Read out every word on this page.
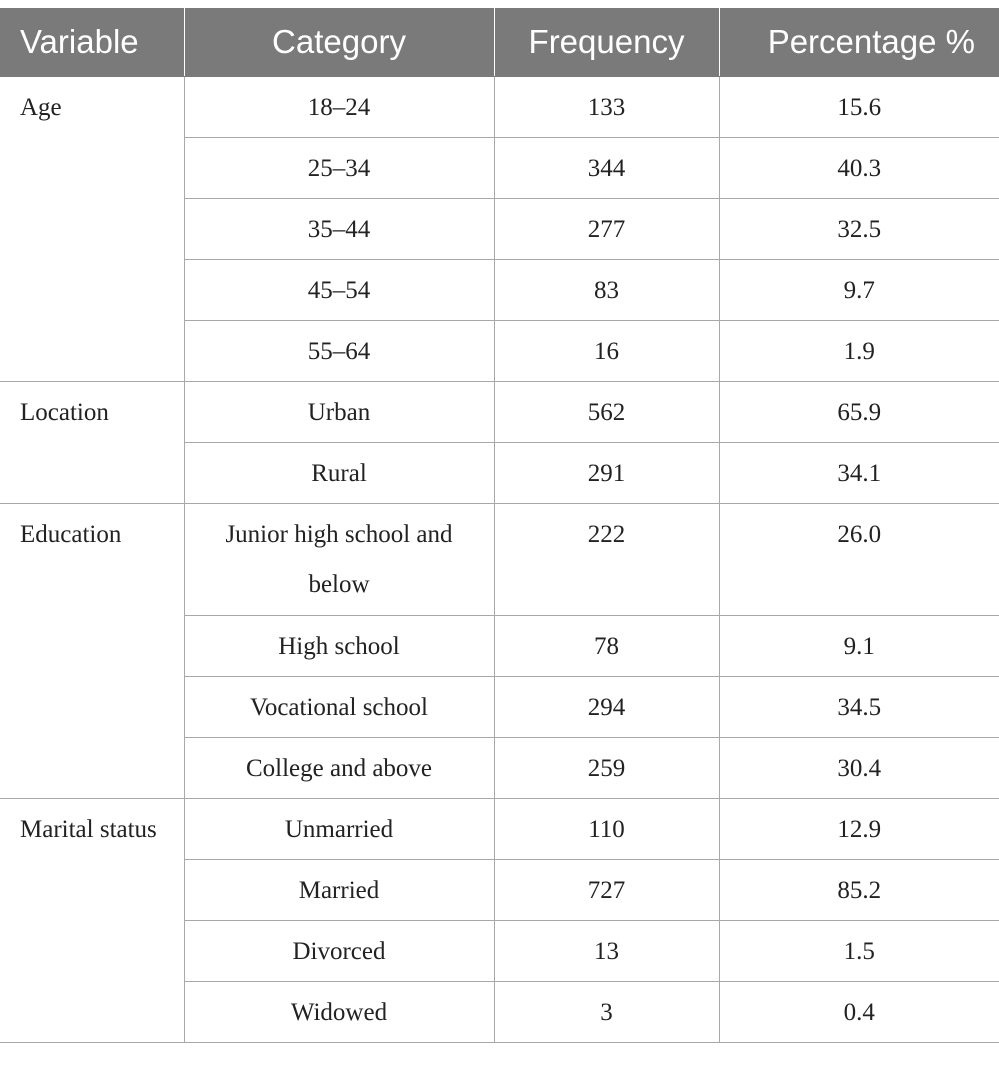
Variable	Category	Frequency	Percentage %
Age	18–24	133	15.6
	25–34	344	40.3
	35–44	277	32.5
	45–54	83	9.7
	55–64	16	1.9
Location	Urban	562	65.9
	Rural	291	34.1
Education	Junior high school and below	222	26.0
	High school	78	9.1
	Vocational school	294	34.5
	College and above	259	30.4
Marital status	Unmarried	110	12.9
	Married	727	85.2
	Divorced	13	1.5
	Widowed	3	0.4
